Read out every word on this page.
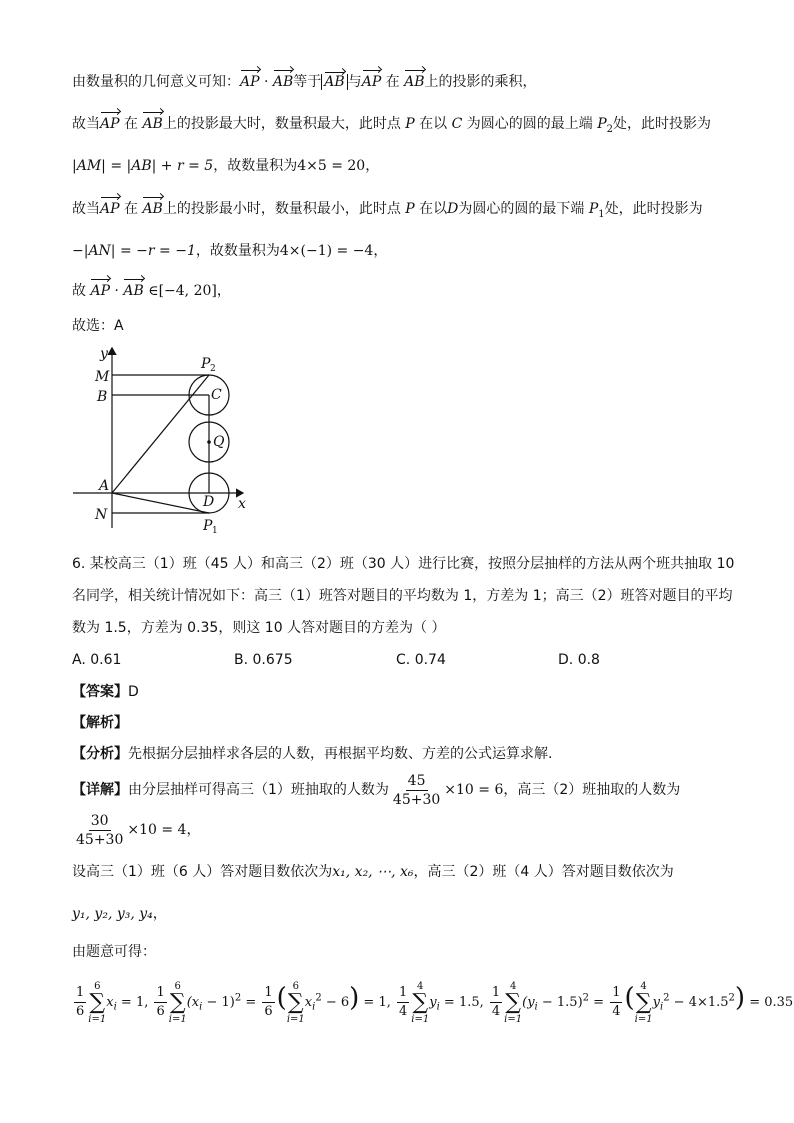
由数量积的几何意义可知：AP · AB等于 AB 与AP 在 AB上的投影的乘积，
故当AP 在 AB上的投影最大时，数量积最大，此时点 P 在以 C 为圆心的圆的最上端 $P_2$处，此时投影为
|AM| = |AB| + r = 5，故数量积为4×5 = 20，
故当AP 在 AB上的投影最小时，数量积最小，此时点 P 在以D为圆心的圆的最下端 $P_1$处，此时投影为
−|AN| = −r = −1，故数量积为4×(−1) = −4，
故 AP · AB ∈[−4, 20]，
故选：A
y
x
M
B
A
N
P 2
C
Q
D
P 1
6. 某校高三（1）班（45 人）和高三（2）班（30 人）进行比赛，按照分层抽样的方法从两个班共抽取 10
名同学，相关统计情况如下：高三（1）班答对题目的平均数为 1，方差为 1；高三（2）班答对题目的平均
数为 1.5，方差为 0.35，则这 10 人答对题目的方差为（ ）
A. 0.61	B. 0.675	C. 0.74	D. 0.8
【答案】D
【解析】
【分析】先根据分层抽样求各层的人数，再根据平均数、方差的公式运算求解.
【详解】由分层抽样可得高三（1）班抽取的人数为 $\frac{45}{45+30} \times 10 = 6$，高三（2）班抽取的人数为
$\frac{30}{45+30} \times 10 = 4$，
设高三（1）班（6 人）答对题目数依次为x₁, x₂, ⋯, x₆，高三（2）班（4 人）答对题目数依次为
y₁, y₂, y₃, y₄，
由题意可得：
$\frac{1}{6} 6$
∑
i=1
$x_i = 1$, $\frac{1}{6} 6$
∑
i=1
$(x_i - 1)^2 = \frac{1}{6}$ ( 6
∑
i=1
$x_i^2 - 6) = 1$, $\frac{1}{4} 4$
∑
i=1
$y_i = 1.5$, $\frac{1}{4} 4$
∑
i=1
$(y_i - 1.5)^2 = \frac{1}{4}$ ( 4
∑
i=1
$y_i^2 - 4\times 1.5^2) = 0.35$
